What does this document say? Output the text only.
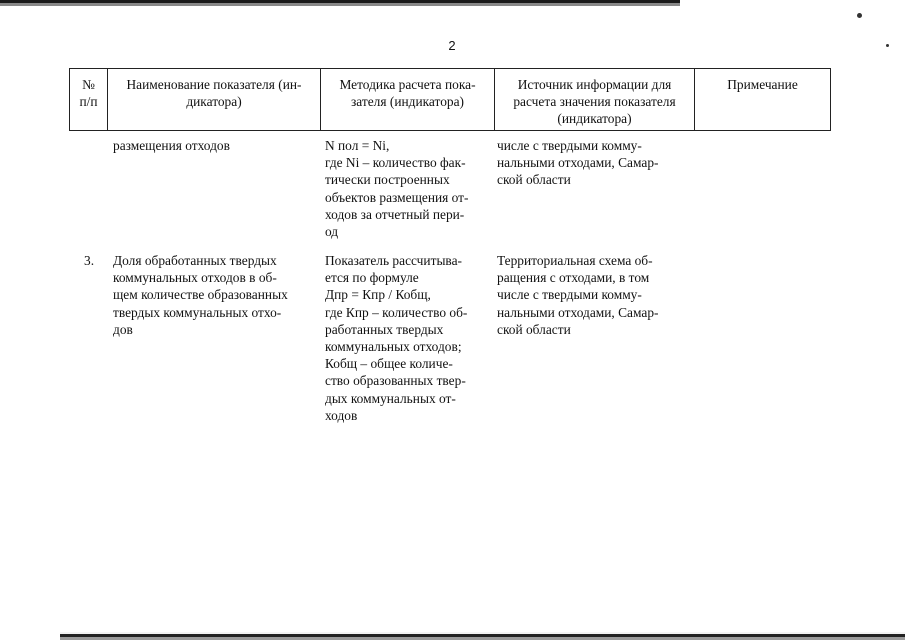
2
№
п/п
Наименование показателя (ин-
дикатора)
Методика расчета пока-
зателя (индикатора)
Источник информации для
расчета значения показателя
(индикатора)
Примечание
размещения отходов	N пол = Ni,
где Ni – количество фак-
тически построенных
объектов размещения от-
ходов за отчетный пери-
од
числе с твердыми комму-
нальными отходами, Самар-
ской области
3.	Доля обработанных твердых
коммунальных отходов в об-
щем количестве образованных
твердых коммунальных отхо-
дов
Показатель рассчитыва-
ется по формуле
Дпр = Кпр / Кобщ,
где Кпр – количество об-
работанных твердых
коммунальных отходов;
Кобщ – общее количе-
ство образованных твер-
дых коммунальных от-
ходов
Территориальная схема об-
ращения с отходами, в том
числе с твердыми комму-
нальными отходами, Самар-
ской области
